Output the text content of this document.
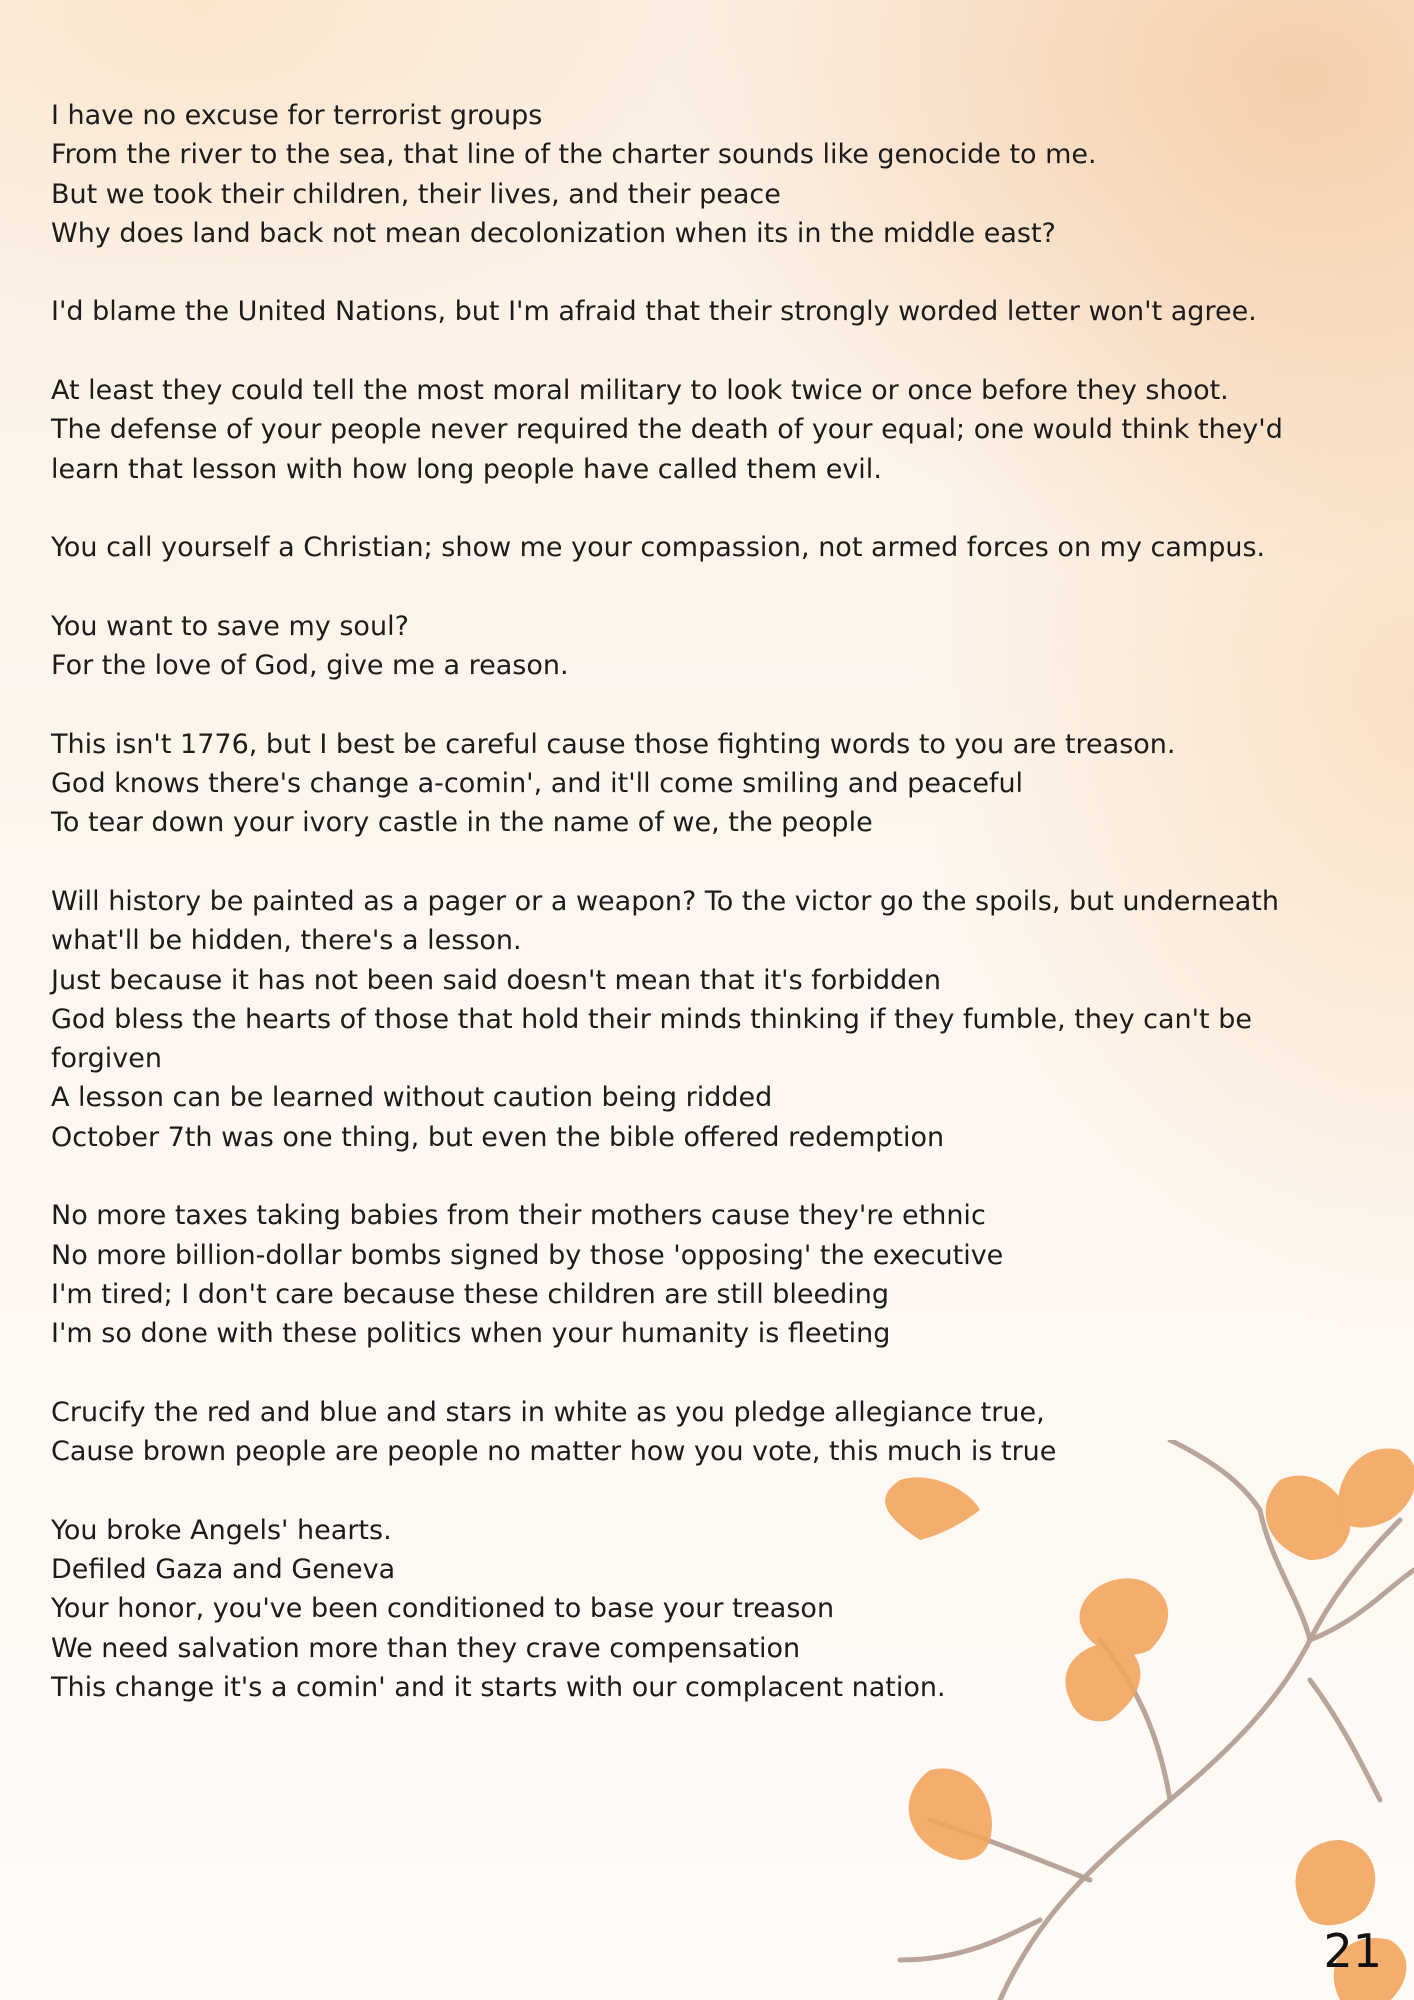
I have no excuse for terrorist groups
From the river to the sea, that line of the charter sounds like genocide to me.
But we took their children, their lives, and their peace
Why does land back not mean decolonization when its in the middle east?
I'd blame the United Nations, but I'm afraid that their strongly worded letter won't agree.
At least they could tell the most moral military to look twice or once before they shoot.
The defense of your people never required the death of your equal; one would think they'd learn that lesson with how long people have called them evil.
You call yourself a Christian; show me your compassion, not armed forces on my campus.
You want to save my soul?
For the love of God, give me a reason.
This isn't 1776, but I best be careful cause those fighting words to you are treason.
God knows there's change a-comin', and it'll come smiling and peaceful
To tear down your ivory castle in the name of we, the people
Will history be painted as a pager or a weapon? To the victor go the spoils, but underneath what'll be hidden, there's a lesson.
Just because it has not been said doesn't mean that it's forbidden
God bless the hearts of those that hold their minds thinking if they fumble, they can't be forgiven
A lesson can be learned without caution being ridded
October 7th was one thing, but even the bible offered redemption
No more taxes taking babies from their mothers cause they're ethnic
No more billion-dollar bombs signed by those 'opposing' the executive
I'm tired; I don't care because these children are still bleeding
I'm so done with these politics when your humanity is fleeting
Crucify the red and blue and stars in white as you pledge allegiance true,
Cause brown people are people no matter how you vote, this much is true
You broke Angels' hearts.
Defiled Gaza and Geneva
Your honor, you've been conditioned to base your treason
We need salvation more than they crave compensation
This change it's a comin' and it starts with our complacent nation.
21
